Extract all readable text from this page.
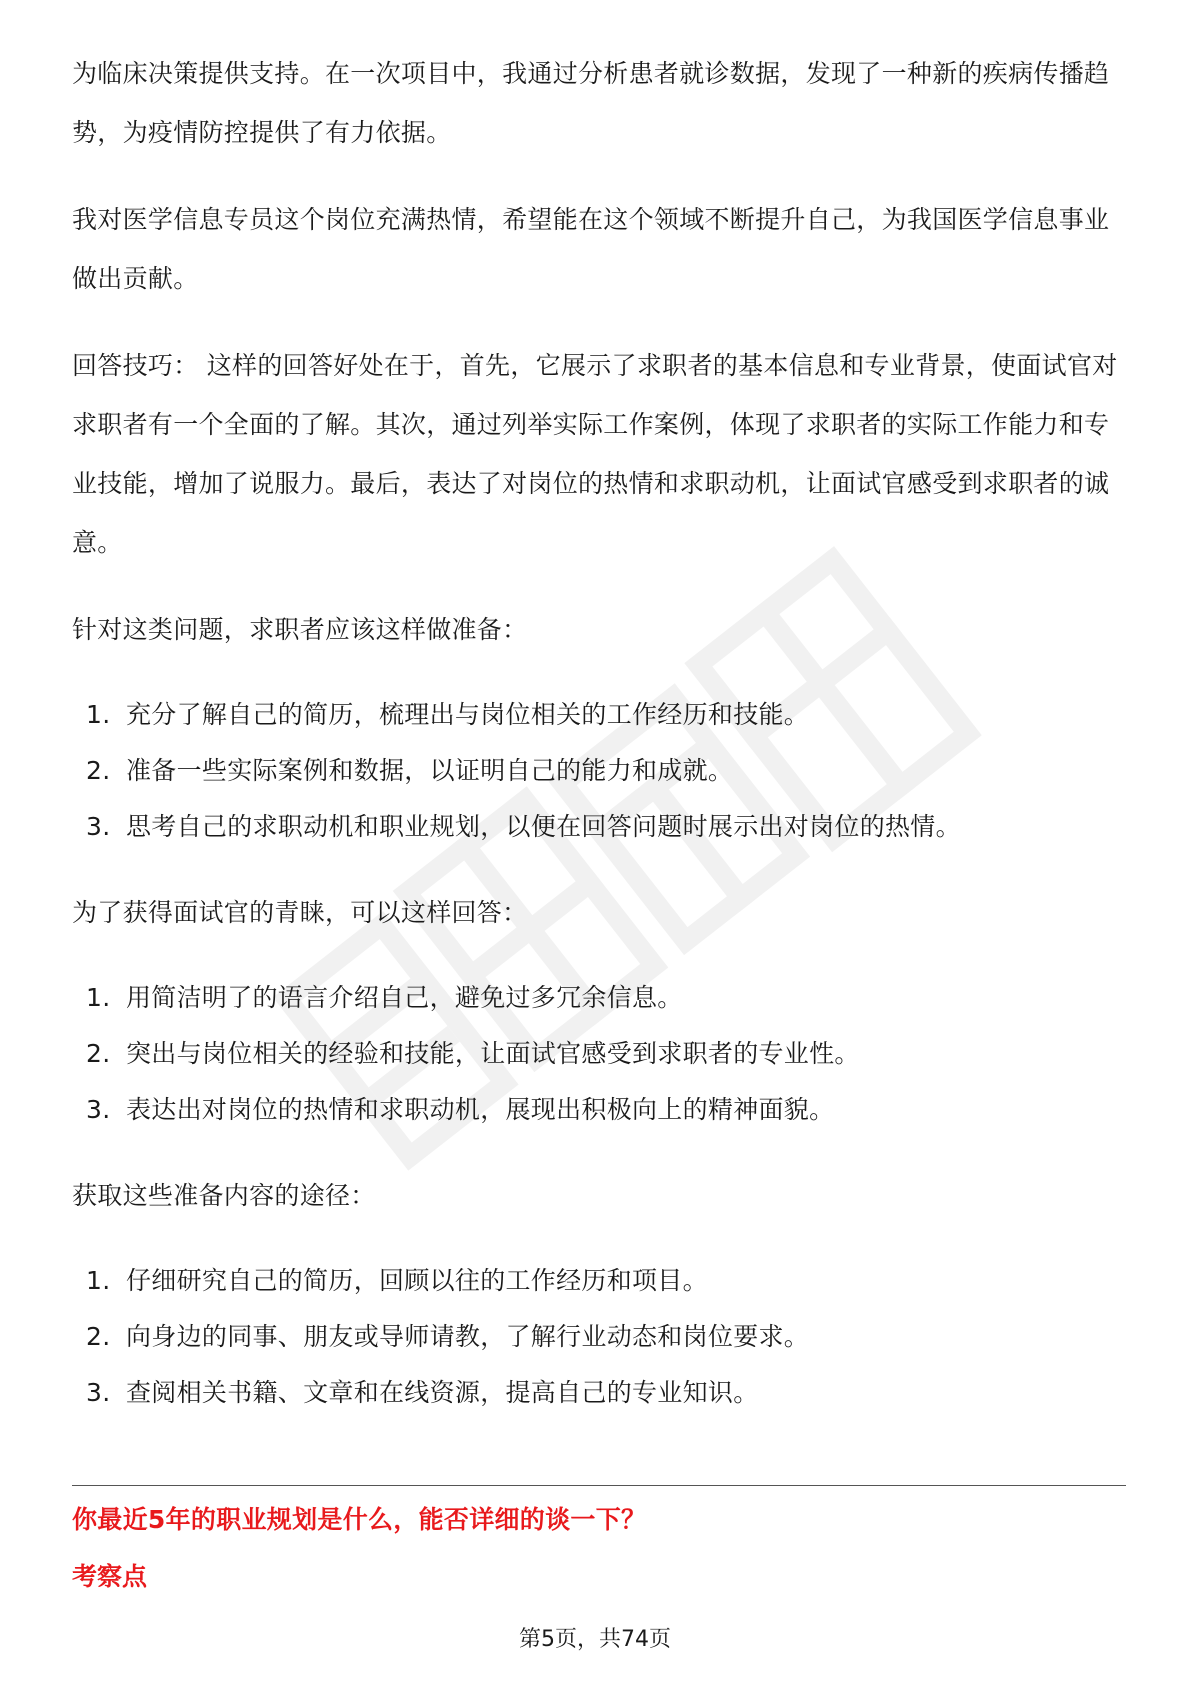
为临床决策提供支持。在一次项目中，我通过分析患者就诊数据，发现了一种新的疾病传播趋势，为疫情防控提供了有力依据。

我对医学信息专员这个岗位充满热情，希望能在这个领域不断提升自己，为我国医学信息事业做出贡献。

回答技巧： 这样的回答好处在于，首先，它展示了求职者的基本信息和专业背景，使面试官对求职者有一个全面的了解。其次，通过列举实际工作案例，体现了求职者的实际工作能力和专业技能，增加了说服力。最后，表达了对岗位的热情和求职动机，让面试官感受到求职者的诚意。

针对这类问题，求职者应该这样做准备：

1. 充分了解自己的简历，梳理出与岗位相关的工作经历和技能。
2. 准备一些实际案例和数据，以证明自己的能力和成就。
3. 思考自己的求职动机和职业规划，以便在回答问题时展示出对岗位的热情。

为了获得面试官的青睐，可以这样回答：

1. 用简洁明了的语言介绍自己，避免过多冗余信息。
2. 突出与岗位相关的经验和技能，让面试官感受到求职者的专业性。
3. 表达出对岗位的热情和求职动机，展现出积极向上的精神面貌。

获取这些准备内容的途径：

1. 仔细研究自己的简历，回顾以往的工作经历和项目。
2. 向身边的同事、朋友或导师请教，了解行业动态和岗位要求。
3. 查阅相关书籍、文章和在线资源，提高自己的专业知识。
你最近5年的职业规划是什么，能否详细的谈一下？
考察点
第5页，共74页
